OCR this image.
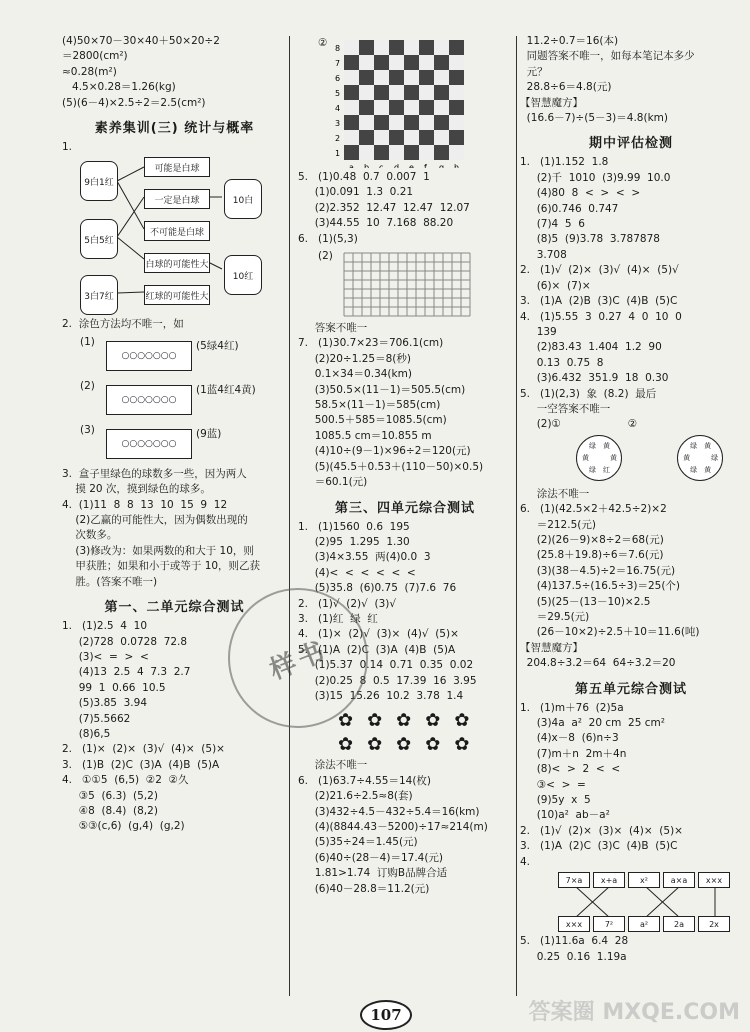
(4)50×70－30×40＋50×20÷2
＝2800(cm²)
≈0.28(m²)
4.5×0.28＝1.26(kg)
(5)(6－4)×2.5÷2＝2.5(cm²)
素养集训(三) 统计与概率
1.
9白1红
5白5红
3白7红
10白
10红
可能是白球
一定是白球
不可能是白球
白球的可能性大
红球的可能性大
2.  涂色方法均不唯一，如
(1)
○○○○○○○
(5绿4红)
(2)
○○○○○○○
(1蓝4红4黄)
(3)
○○○○○○○
(9蓝)
3.  盒子里绿色的球数多一些，因为两人
摸 20 次，摸到绿色的球多。
4.  (1)11  8  8  13  10  15  9  12
(2)乙赢的可能性大，因为偶数出现的
次数多。
(3)修改为：如果两数的和大于 10，则
甲获胜；如果和小于或等于 10，则乙获
胜。(答案不唯一)
第一、二单元综合测试
1.   (1)2.5  4  10
(2)728  0.0728  72.8
(3)<  =  >  <
(4)13  2.5  4  7.3  2.7
99  1  0.66  10.5
(5)3.85  3.94
(7)5.5662
(8)6,5
2.   (1)×  (2)×  (3)√  (4)×  (5)×
3.   (1)B  (2)C  (3)A  (4)B  (5)A
4.   ①①5  (6,5)  ②2  ②久
③5  (6.3)  (5,2)
④8  (8.4)  (8,2)
⑤③(c,6)  (g,4)  (g,2)
② 8
7
6
5
4
3
2
1
a b c d e f g h
5.   (1)0.48  0.7  0.007  1
(1)0.091  1.3  0.21
(2)2.352  12.47  12.47  12.07
(3)44.55  10  7.168  88.20
6.   (1)(5,3)
(2)
答案不唯一
7.   (1)30.7×23＝706.1(cm)
(2)20÷1.25＝8(秒)
0.1×34＝0.34(km)
(3)50.5×(11－1)＝505.5(cm)
58.5×(11－1)＝585(cm)
500.5＋585＝1085.5(cm)
1085.5 cm＝10.855 m
(4)10÷(9－1)×96÷2＝120(元)
(5)(45.5＋0.53＋(110－50)×0.5)
＝60.1(元)
第三、四单元综合测试
1.   (1)1560  0.6  195
(2)95  1.295  1.30
(3)4×3.55  两(4)0.0  3
(4)<  <  <  <  <  <
(5)35.8  (6)0.75  (7)7.6  76
2.   (1)√  (2)√  (3)√
3.   (1)红  绿  红
4.   (1)×  (2)√  (3)×  (4)√  (5)×
5.   (1)A  (2)C  (3)A  (4)B  (5)A
(1)5.37  0.14  0.71  0.35  0.02
(2)0.25  8  0.5  17.39  16  3.95
(3)15  15.26  10.2  3.78  1.4
✿✿✿✿✿
✿✿✿✿✿
涂法不唯一
6.   (1)63.7÷4.55＝14(枚)
(2)21.6÷2.5≈8(套)
(3)432÷4.5－432÷5.4＝16(km)
(4)(8844.43－5200)÷17≈214(m)
(5)35÷24＝1.45(元)
(6)40÷(28－4)＝17.4(元)
1.81>1.74  订购B品牌合适
(6)40－28.8＝11.2(元)
11.2÷0.7＝16(本)
同题答案不唯一，如每本笔记本多少
元？
28.8÷6＝4.8(元)
【智慧魔方】
(16.6－7)÷(5－3)＝4.8(km)
期中评估检测
1.   (1)1.152  1.8
(2)千  1010  (3)9.99  10.0
(4)80  8  <  >  <  >
(6)0.746  0.747
(7)4  5  6
(8)5  (9)3.78  3.787878
3.708
2.   (1)√  (2)×  (3)√  (4)×  (5)√
(6)×  (7)×
3.   (1)A  (2)B  (3)C  (4)B  (5)C
4.   (1)5.55  3  0.27  4  0  10  0
139
(2)83.43  1.404  1.2  90
0.13  0.75  8
(3)6.432  351.9  18  0.30
5.   (1)(2,3)  象  (8.2)  最后
一空答案不唯一
(2)①                    ②
黄
红
绿
黄
绿 黄

绿
黄
绿
黄
绿 黄
涂法不唯一
6.   (1)(42.5×2＋42.5÷2)×2
＝212.5(元)
(2)(26－9)×8÷2＝68(元)
(25.8＋19.8)÷6＝7.6(元)
(3)(38－4.5)÷2＝16.75(元)
(4)137.5÷(16.5÷3)＝25(个)
(5)(25－(13－10)×2.5
＝29.5(元)
(26－10×2)÷2.5＋10＝11.6(吨)
【智慧魔方】
204.8÷3.2＝64  64÷3.2＝20
第五单元综合测试
1.   (1)m＋76  (2)5a
(3)4a  a²  20 cm  25 cm²
(4)x－8  (6)n÷3
(7)m＋n  2m＋4n
(8)<  >  2  <  <
③<  >  =
(9)5y  x  5
(10)a²  ab－a²
2.   (1)√  (2)×  (3)×  (4)×  (5)×
3.   (1)A  (2)C  (3)C  (4)B  (5)C
4.
7×a	x+a	x²	a×a	x×x
x×x	7²	a²	2a	2x
5.   (1)11.6a  6.4  28
0.25  0.16  1.19a
107
样书
答案圈 MXQE.COM
